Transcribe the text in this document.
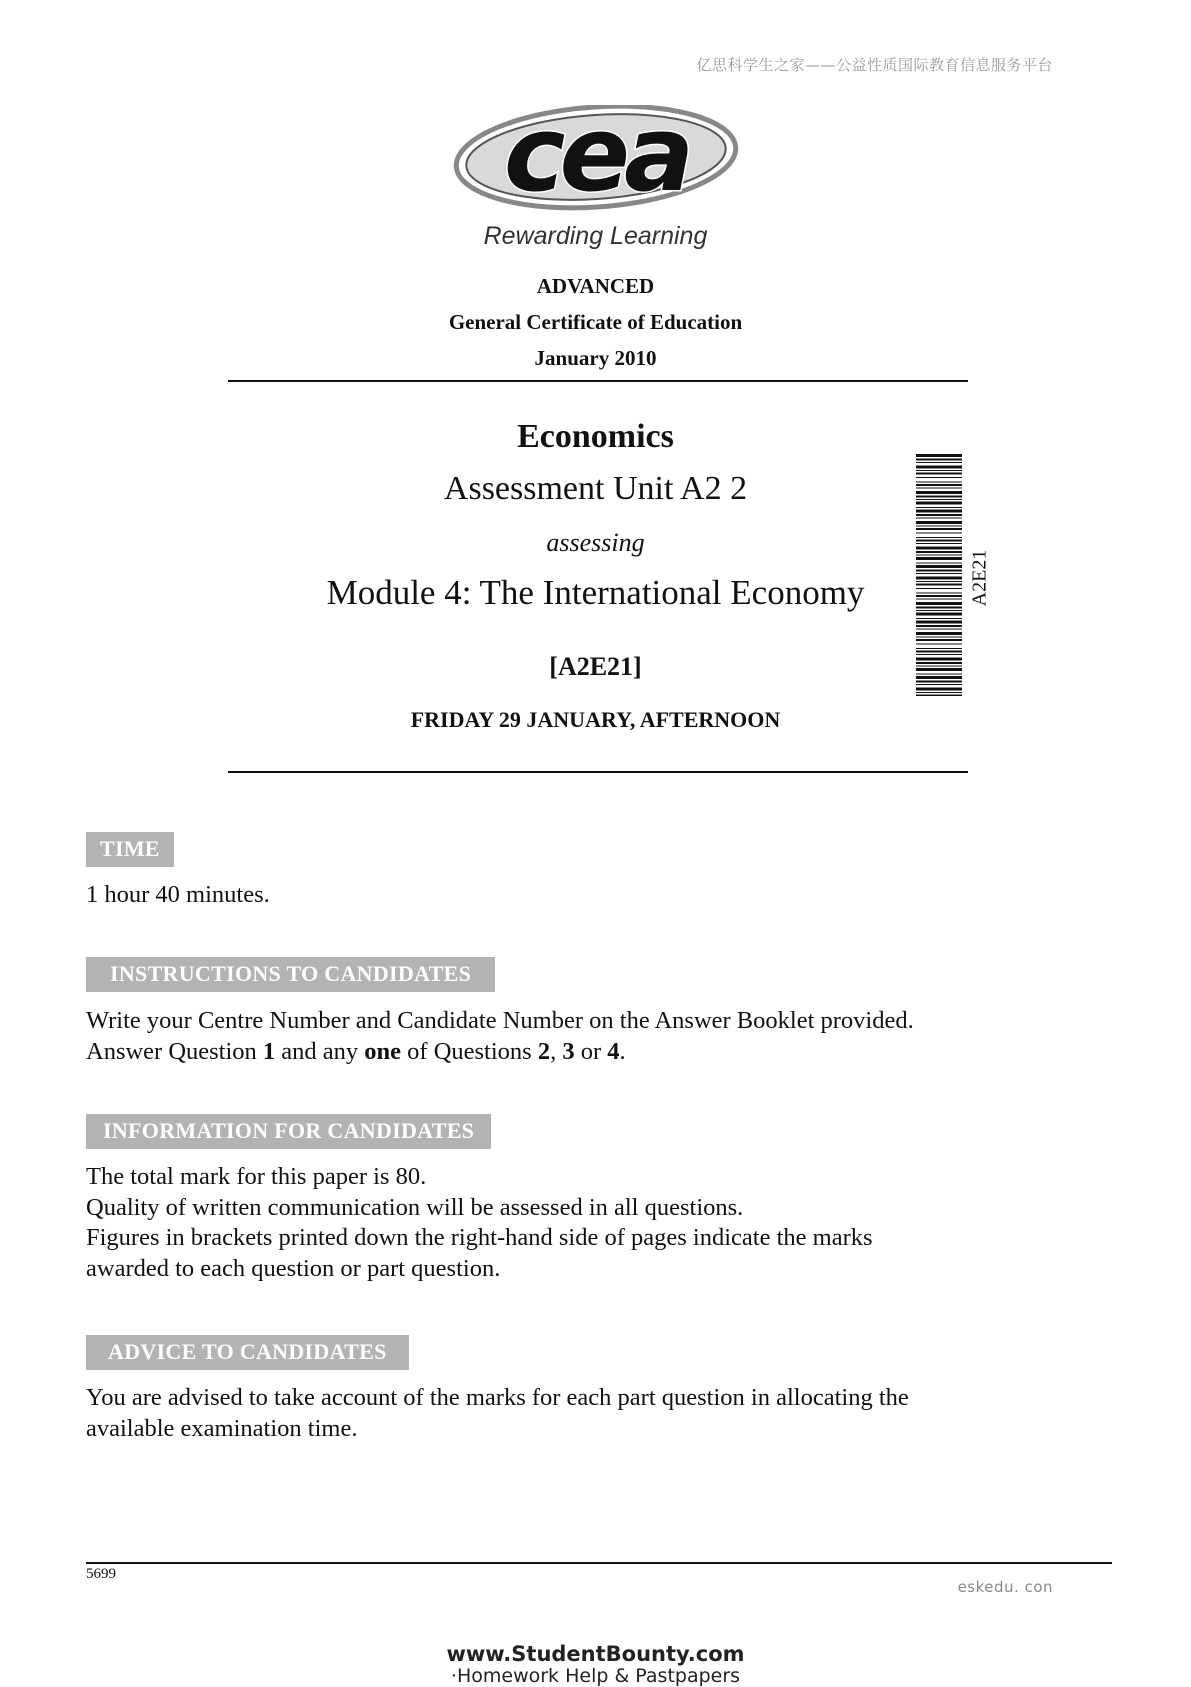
亿思科学生之家——公益性质国际教育信息服务平台
cea
Rewarding Learning
ADVANCED
General Certificate of Education
January 2010
Economics
Assessment Unit A2 2
assessing
Module 4: The International Economy
[A2E21]
FRIDAY 29 JANUARY, AFTERNOON
A2E21
TIME
1 hour 40 minutes.
INSTRUCTIONS TO CANDIDATES

Write your Centre Number and Candidate Number on the Answer Booklet provided.

Answer Question 1 and any one of Questions 2, 3 or 4.

INFORMATION FOR CANDIDATES

The total mark for this paper is 80.

Quality of written communication will be assessed in all questions.

Figures in brackets printed down the right-hand side of pages indicate the marks

awarded to each question or part question.

ADVICE TO CANDIDATES

You are advised to take account of the marks for each part question in allocating the

available examination time.

5699
eskedu. con
www.StudentBounty.com
·Homework Help & Pastpapers
